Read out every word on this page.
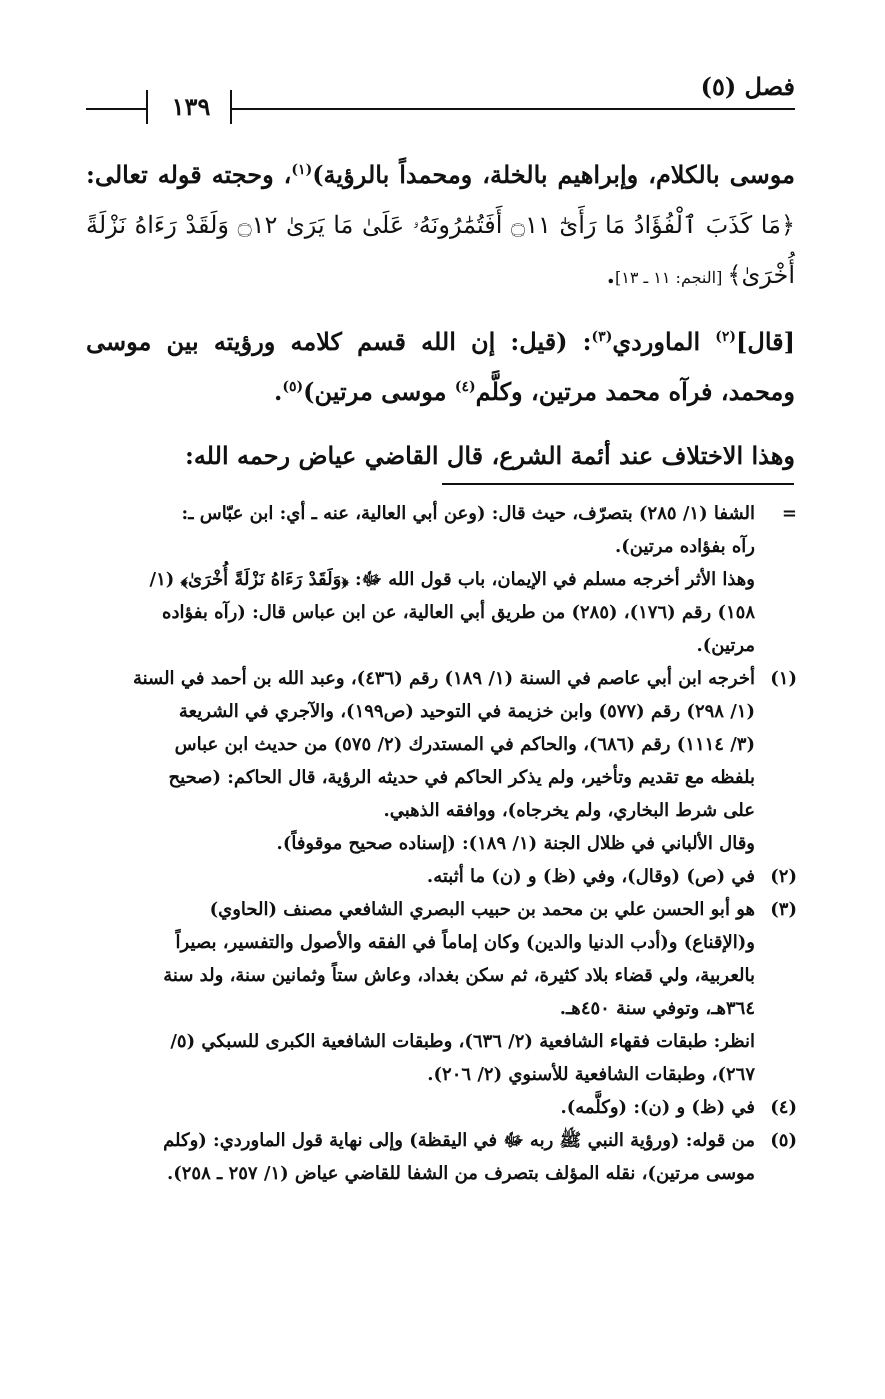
فصل (٥)
١٣٩

موسى بالكلام، وإبراهيم بالخلة، ومحمداً بالرؤية)$^{(١)}$، وحجته قوله تعالى: ﴿مَا كَذَبَ ٱلْفُؤَادُ مَا رَأَىٰٓ ۝١١ أَفَتُمَٰرُونَهُۥ عَلَىٰ مَا يَرَىٰ ۝١٢ وَلَقَدْ رَءَاهُ نَزْلَةً أُخْرَىٰ﴾ [النجم: ١١ ـ ١٣].

[قال]$^{(٢)}$ الماوردي$^{(٣)}$: (قيل: إن الله قسم كلامه ورؤيته بين موسى ومحمد، فرآه محمد مرتين، وكلَّم$^{(٤)}$ موسى مرتين)$^{(٥)}$.

وهذا الاختلاف عند أئمة الشرع، قال القاضي عياض رحمه الله:

=
الشفا (١/ ٢٨٥) بتصرّف، حيث قال: (وعن أبي العالية، عنه ـ أي: ابن عبّاس ـ:
رآه بفؤاده مرتين).
وهذا الأثر أخرجه مسلم في الإيمان، باب قول الله ﷻ: ﴿وَلَقَدْ رَءَاهُ نَزْلَةً أُخْرَىٰ﴾ (١/
١٥٨) رقم (١٧٦)، (٢٨٥) من طريق أبي العالية، عن ابن عباس قال: (رآه بفؤاده
مرتين).
(١)
أخرجه ابن أبي عاصم في السنة (١/ ١٨٩) رقم (٤٣٦)، وعبد الله بن أحمد في السنة
(١/ ٢٩٨) رقم (٥٧٧) وابن خزيمة في التوحيد (ص١٩٩)، والآجري في الشريعة
(٣/ ١١١٤) رقم (٦٨٦)، والحاكم في المستدرك (٢/ ٥٧٥) من حديث ابن عباس
بلفظه مع تقديم وتأخير، ولم يذكر الحاكم في حديثه الرؤية، قال الحاكم: (صحيح
على شرط البخاري، ولم يخرجاه)، ووافقه الذهبي.
وقال الألباني في ظلال الجنة (١/ ١٨٩): (إسناده صحيح موقوفاً).
(٢)
في (ص) (وقال)، وفي (ظ) و (ن) ما أثبته.
(٣)
هو أبو الحسن علي بن محمد بن حبيب البصري الشافعي مصنف (الحاوي)
و(الإقناع) و(أدب الدنيا والدين) وكان إماماً في الفقه والأصول والتفسير، بصيراً
بالعربية، ولي قضاء بلاد كثيرة، ثم سكن بغداد، وعاش ستاً وثمانين سنة، ولد سنة
٣٦٤هـ، وتوفي سنة ٤٥٠هـ.
انظر: طبقات فقهاء الشافعية (٢/ ٦٣٦)، وطبقات الشافعية الكبرى للسبكي (٥/
٢٦٧)، وطبقات الشافعية للأسنوي (٢/ ٢٠٦).
(٤)
في (ظ) و (ن): (وكلَّمه).
(٥)
من قوله: (ورؤية النبي ﷺ ربه ﷻ في اليقظة) وإلى نهاية قول الماوردي: (وكلم
موسى مرتين)، نقله المؤلف بتصرف من الشفا للقاضي عياض (١/ ٢٥٧ ـ ٢٥٨).
